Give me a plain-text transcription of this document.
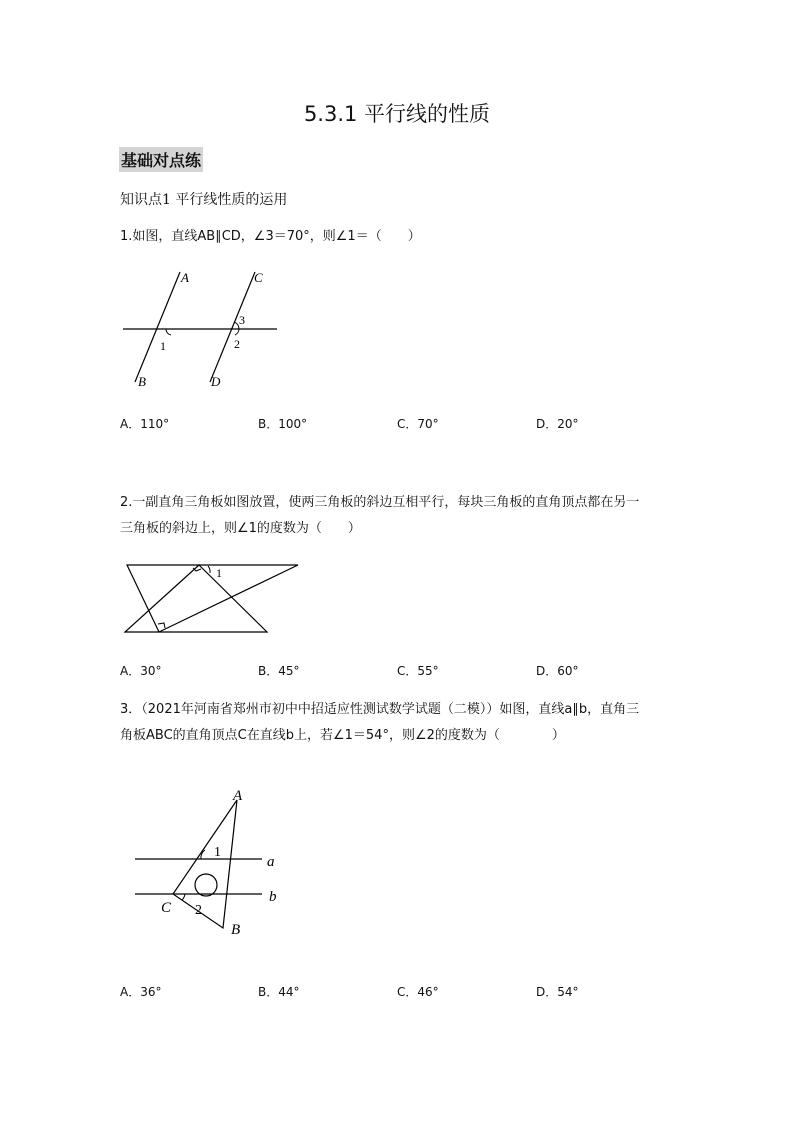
5.3.1 平行线的性质
基础对点练
知识点1 平行线性质的运用
1.如图，直线AB∥CD，∠3＝70°，则∠1＝（　　）
A
B
C
D
1	2
3
A．110°	B．100°	C．70°	D．20°
2.一副直角三角板如图放置，使两三角板的斜边互相平行，每块三角板的直角顶点都在另一
三角板的斜边上，则∠1的度数为（　　）
1
A．30°	B．45°	C．55°	D．60°
3．（2021年河南省郑州市初中中招适应性测试数学试题（二模））如图，直线a∥b，直角三
角板ABC的直角顶点C在直线b上，若∠1＝54°，则∠2的度数为（　　　　）
A
B
C
a
b
1
2
A．36°	B．44°	C．46°	D．54°
